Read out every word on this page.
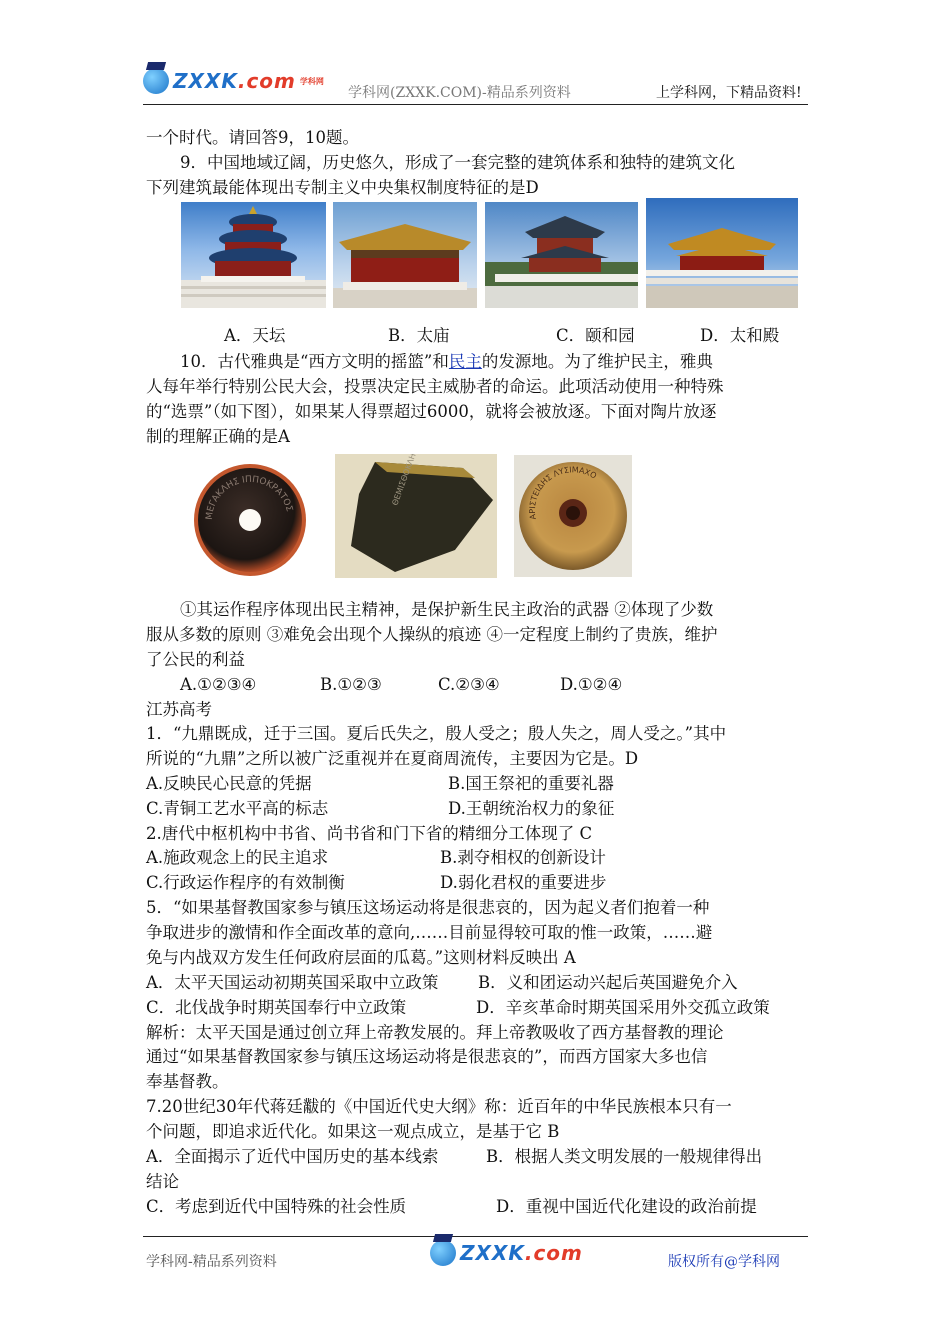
ZXXK.com 学科网
学科网(ZXXK.COM)-精品系列资料	上学科网，下精品资料!
一个时代。请回答9，10题。
9．中国地域辽阔，历史悠久，形成了一套完整的建筑体系和独特的建筑文化
下列建筑最能体现出专制主义中央集权制度特征的是D
A．天坛	B．太庙	C．颐和园	D．太和殿
10．古代雅典是“西方文明的摇篮”和民主的发源地。为了维护民主，雅典
人每年举行特别公民大会，投票决定民主威胁者的命运。此项活动使用一种特殊
的“选票”（如下图），如果某人得票超过6000，就将会被放逐。下面对陶片放逐
制的理解正确的是A
ΜΕΓΑΚΛΗΣ ΙΠΠΟΚΡΑΤΟΣ
ΑΡΙΣΤΕΙΔΗΣ ΛΥΣΙΜΑΧΟ
①其运作程序体现出民主精神，是保护新生民主政治的武器 ②体现了少数
服从多数的原则 ③难免会出现个人操纵的痕迹 ④一定程度上制约了贵族，维护
了公民的利益
A.①②③④	B.①②③	C.②③④	D.①②④
江苏高考
1．“九鼎既成，迁于三国。夏后氏失之，殷人受之；殷人失之，周人受之。”其中
所说的“九鼎”之所以被广泛重视并在夏商周流传，主要因为它是。D
A.反映民心民意的凭据	B.国王祭祀的重要礼器
C.青铜工艺水平高的标志	D.王朝统治权力的象征
2.唐代中枢机构中书省、尚书省和门下省的精细分工体现了 C
A.施政观念上的民主追求	B.剥夺相权的创新设计
C.行政运作程序的有效制衡	D.弱化君权的重要进步
5．“如果基督教国家参与镇压这场运动将是很悲哀的，因为起义者们抱着一种
争取进步的激情和作全面改革的意向,……目前显得较可取的惟一政策，……避
免与内战双方发生任何政府层面的瓜葛。”这则材料反映出 A
A．太平天国运动初期英国采取中立政策 B．义和团运动兴起后英国避免介入
C．北伐战争时期英国奉行中立政策	D．辛亥革命时期英国采用外交孤立政策
解析：太平天国是通过创立拜上帝教发展的。拜上帝教吸收了西方基督教的理论
通过“如果基督教国家参与镇压这场运动将是很悲哀的”，而西方国家大多也信
奉基督教。
7.20世纪30年代蒋廷黻的《中国近代史大纲》称：近百年的中华民族根本只有一
个问题，即追求近代化。如果这一观点成立，是基于它 B
A．全面揭示了近代中国历史的基本线索	B．根据人类文明发展的一般规律得出
结论
C．考虑到近代中国特殊的社会性质	D．重视中国近代化建设的政治前提
学科网-精品系列资料	ZXXK.com	版权所有@学科网
